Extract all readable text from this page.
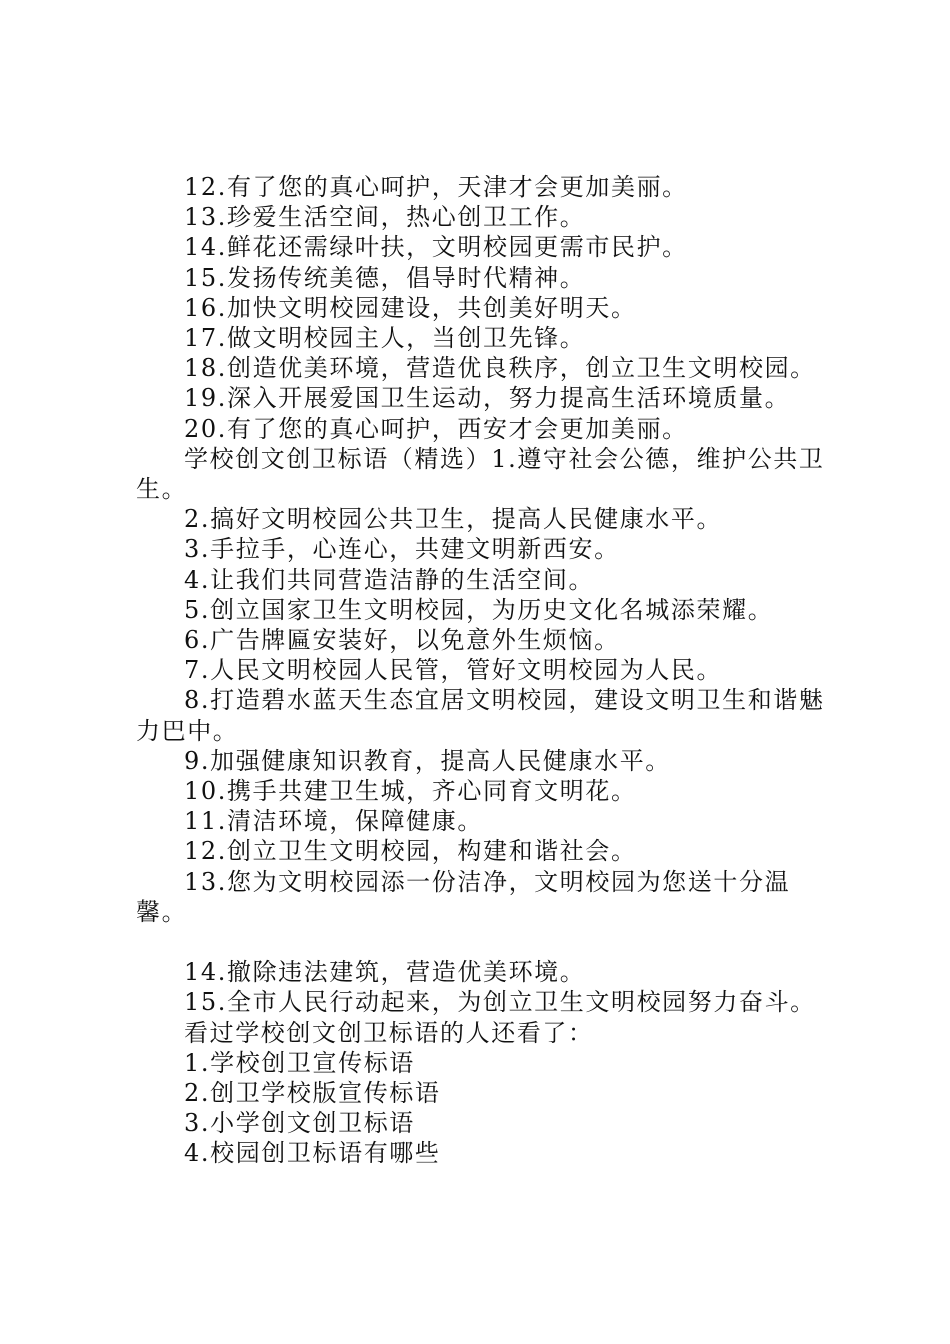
12.有了您的真心呵护，天津才会更加美丽。

13.珍爱生活空间，热心创卫工作。

14.鲜花还需绿叶扶，文明校园更需市民护。

15.发扬传统美德，倡导时代精神。

16.加快文明校园建设，共创美好明天。

17.做文明校园主人，当创卫先锋。

18.创造优美环境，营造优良秩序，创立卫生文明校园。

19.深入开展爱国卫生运动，努力提高生活环境质量。

20.有了您的真心呵护，西安才会更加美丽。

学校创文创卫标语（精选）1.遵守社会公德，维护公共卫生。

2.搞好文明校园公共卫生，提高人民健康水平。

3.手拉手，心连心，共建文明新西安。

4.让我们共同营造洁静的生活空间。

5.创立国家卫生文明校园，为历史文化名城添荣耀。

6.广告牌匾安装好，以免意外生烦恼。

7.人民文明校园人民管，管好文明校园为人民。

8.打造碧水蓝天生态宜居文明校园，建设文明卫生和谐魅力巴中。

9.加强健康知识教育，提高人民健康水平。

10.携手共建卫生城，齐心同育文明花。

11.清洁环境，保障健康。

12.创立卫生文明校园，构建和谐社会。

13.您为文明校园添一份洁净，文明校园为您送十分温馨。

14.撤除违法建筑，营造优美环境。

15.全市人民行动起来，为创立卫生文明校园努力奋斗。

看过学校创文创卫标语的人还看了：

1.学校创卫宣传标语

2.创卫学校版宣传标语

3.小学创文创卫标语

4.校园创卫标语有哪些
